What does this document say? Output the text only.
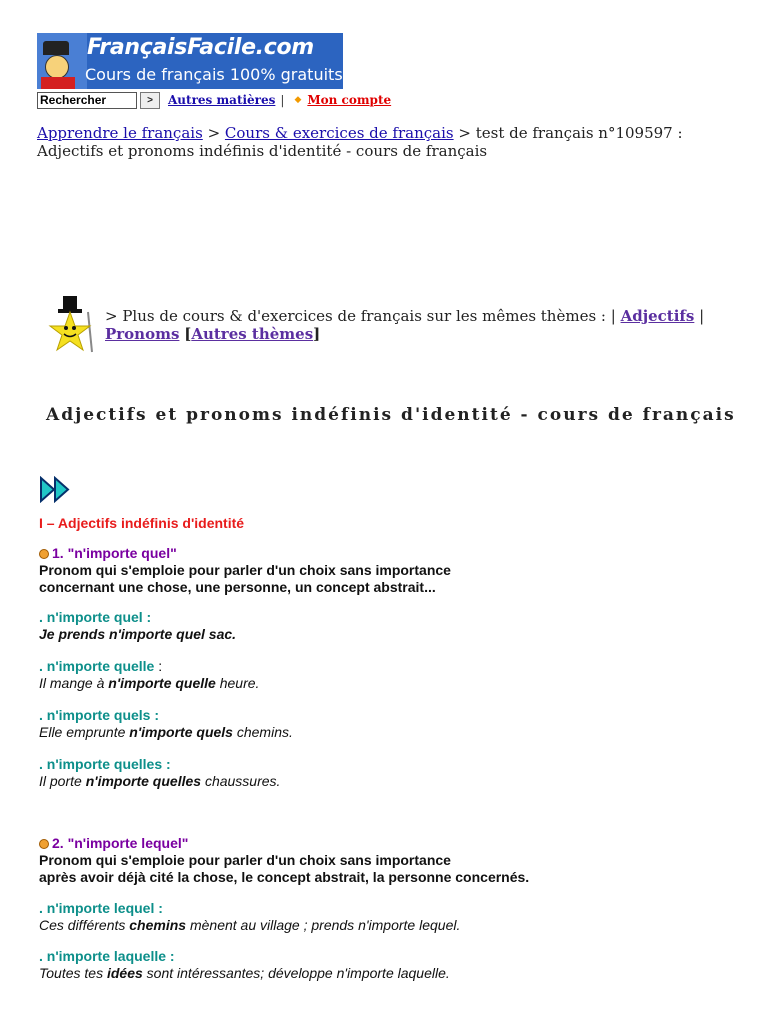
FrançaisFacile.com
Cours de français 100% gratuits
Rechercher	>	Autres matières | ◆ Mon compte
Apprendre le français > Cours & exercices de français > test de français n°109597 : Adjectifs et pronoms indéfinis d'identité - cours de français
> Plus de cours & d'exercices de français sur les mêmes thèmes : | Adjectifs | Pronoms [Autres thèmes]
Adjectifs et pronoms indéfinis d'identité - cours de français
I – Adjectifs indéfinis d'identité
1. "n'importe quel"
Pronom qui s'emploie pour parler d'un choix sans importance
concernant une chose, une personne, un concept abstrait...
. n'importe quel :
Je prends n'importe quel sac.
. n'importe quelle :
Il mange à n'importe quelle heure.
. n'importe quels :
Elle emprunte n'importe quels chemins.
. n'importe quelles :
Il porte n'importe quelles chaussures.
2. "n'importe lequel"
Pronom qui s'emploie pour parler d'un choix sans importance
après avoir déjà cité la chose, le concept abstrait, la personne concernés.
. n'importe lequel :
Ces différents chemins mènent au village ; prends n'importe lequel.
. n'importe laquelle :
Toutes tes idées sont intéressantes; développe n'importe laquelle.
